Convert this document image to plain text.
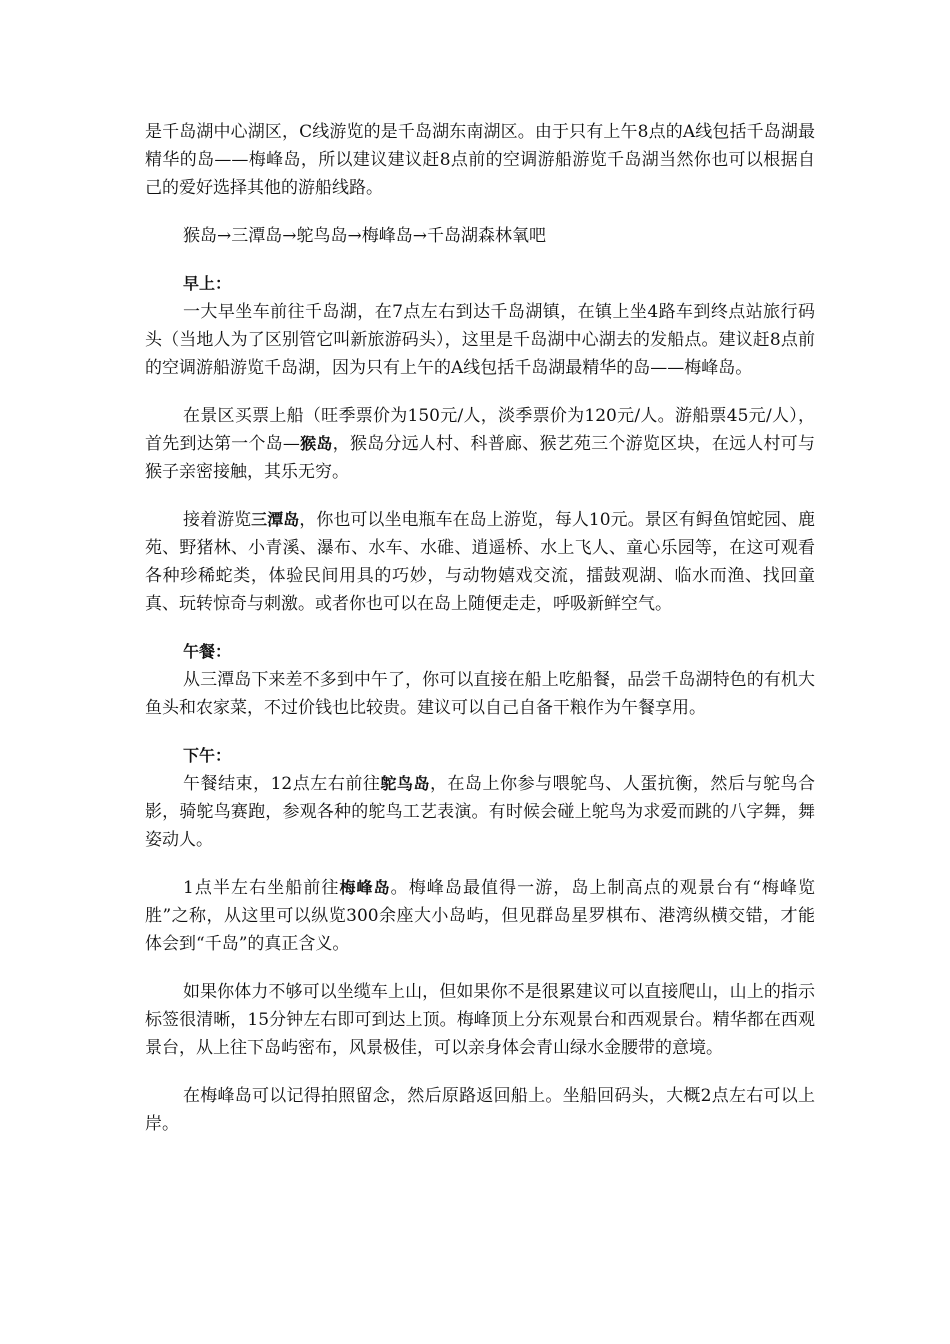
是千岛湖中心湖区，C线游览的是千岛湖东南湖区。由于只有上午8点的A线包括千岛湖最精华的岛——梅峰岛，所以建议建议赶8点前的空调游船游览千岛湖当然你也可以根据自己的爱好选择其他的游船线路。

猴岛→三潭岛→鸵鸟岛→梅峰岛→千岛湖森林氧吧

早上：

一大早坐车前往千岛湖，在7点左右到达千岛湖镇，在镇上坐4路车到终点站旅行码头（当地人为了区别管它叫新旅游码头），这里是千岛湖中心湖去的发船点。建议赶8点前的空调游船游览千岛湖，因为只有上午的A线包括千岛湖最精华的岛——梅峰岛。

在景区买票上船（旺季票价为150元/人，淡季票价为120元/人。游船票45元/人），首先到达第一个岛—猴岛，猴岛分远人村、科普廊、猴艺苑三个游览区块，在远人村可与猴子亲密接触，其乐无穷。

接着游览三潭岛，你也可以坐电瓶车在岛上游览，每人10元。景区有鲟鱼馆蛇园、鹿苑、野猪林、小青溪、瀑布、水车、水碓、逍遥桥、水上飞人、童心乐园等，在这可观看各种珍稀蛇类，体验民间用具的巧妙，与动物嬉戏交流，擂鼓观湖、临水而渔、找回童真、玩转惊奇与刺激。或者你也可以在岛上随便走走，呼吸新鲜空气。

午餐：

从三潭岛下来差不多到中午了，你可以直接在船上吃船餐，品尝千岛湖特色的有机大鱼头和农家菜，不过价钱也比较贵。建议可以自己自备干粮作为午餐享用。

下午：

午餐结束，12点左右前往鸵鸟岛，在岛上你参与喂鸵鸟、人蛋抗衡，然后与鸵鸟合影，骑鸵鸟赛跑，参观各种的鸵鸟工艺表演。有时候会碰上鸵鸟为求爱而跳的八字舞，舞姿动人。

1点半左右坐船前往梅峰岛。梅峰岛最值得一游，岛上制高点的观景台有“梅峰览胜”之称，从这里可以纵览300余座大小岛屿，但见群岛星罗棋布、港湾纵横交错，才能体会到“千岛”的真正含义。

如果你体力不够可以坐缆车上山，但如果你不是很累建议可以直接爬山，山上的指示标签很清晰，15分钟左右即可到达上顶。梅峰顶上分东观景台和西观景台。精华都在西观景台，从上往下岛屿密布，风景极佳，可以亲身体会青山绿水金腰带的意境。

在梅峰岛可以记得拍照留念，然后原路返回船上。坐船回码头，大概2点左右可以上岸。
